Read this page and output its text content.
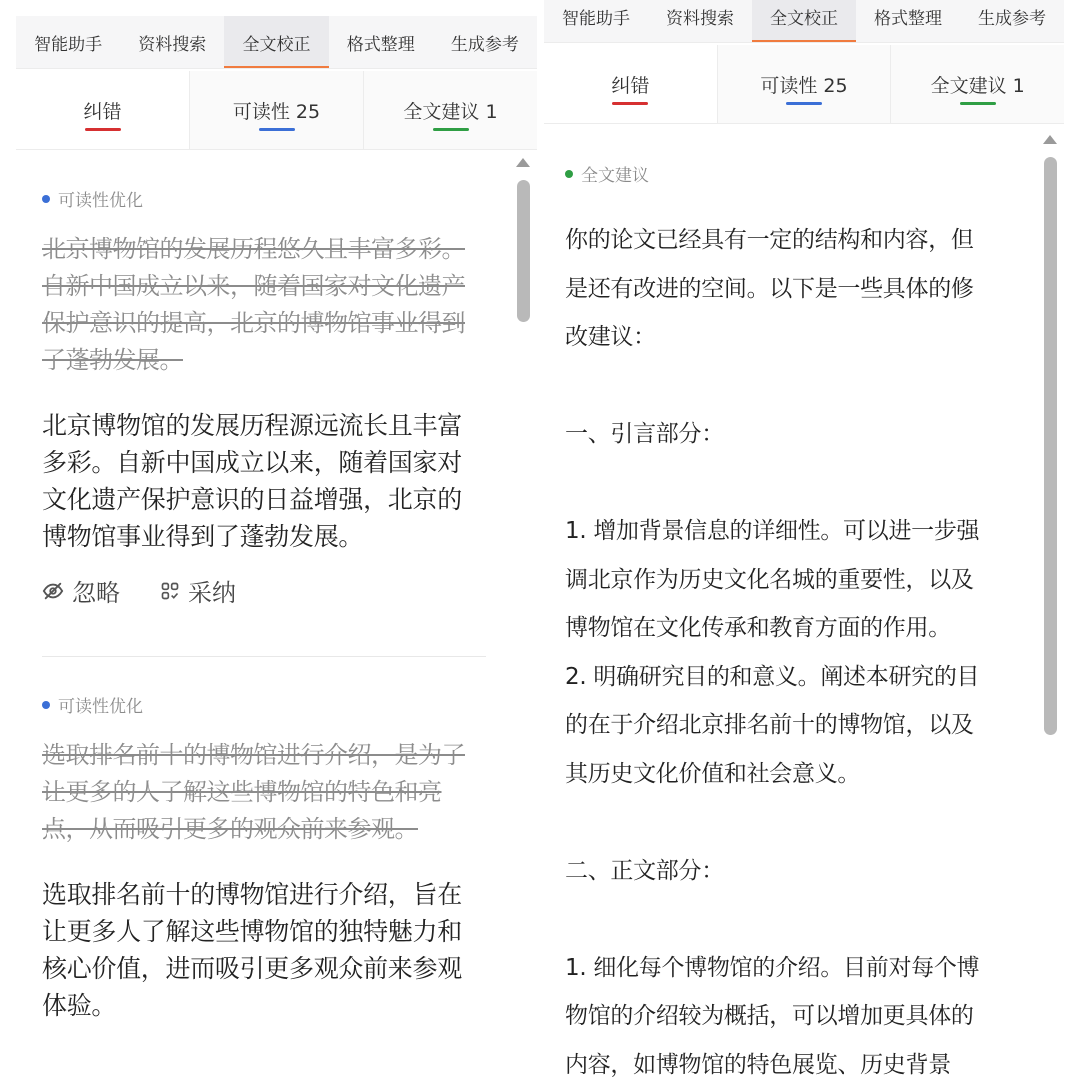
智能助手	资料搜索	全文校正	格式整理	生成参考
纠错	可读性 25	全文建议 1
可读性优化
北京博物馆的发展历程悠久且丰富多彩。自新中国成立以来，随着国家对文化遗产保护意识的提高，北京的博物馆事业得到了蓬勃发展。
北京博物馆的发展历程源远流长且丰富多彩。自新中国成立以来，随着国家对文化遗产保护意识的日益增强，北京的博物馆事业得到了蓬勃发展。
忽略	采纳
可读性优化
选取排名前十的博物馆进行介绍，是为了让更多的人了解这些博物馆的特色和亮点，从而吸引更多的观众前来参观。
选取排名前十的博物馆进行介绍，旨在让更多人了解这些博物馆的独特魅力和核心价值，进而吸引更多观众前来参观体验。
智能助手	资料搜索	全文校正	格式整理	生成参考
纠错	可读性 25	全文建议 1
全文建议

你的论文已经具有一定的结构和内容，但

是还有改进的空间。以下是一些具体的修

改建议：

一、引言部分：

1. 增加背景信息的详细性。可以进一步强

调北京作为历史文化名城的重要性，以及

博物馆在文化传承和教育方面的作用。

2. 明确研究目的和意义。阐述本研究的目

的在于介绍北京排名前十的博物馆，以及

其历史文化价值和社会意义。

二、正文部分：

1. 细化每个博物馆的介绍。目前对每个博

物馆的介绍较为概括，可以增加更具体的

内容，如博物馆的特色展览、历史背景
